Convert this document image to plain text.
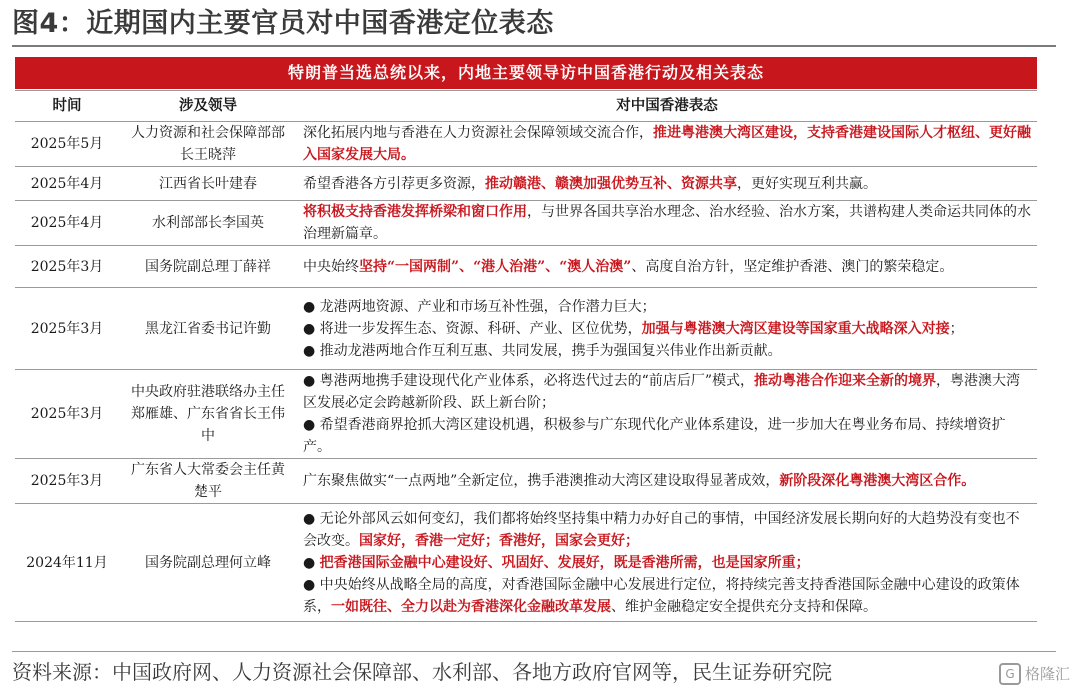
图4：近期国内主要官员对中国香港定位表态
特朗普当选总统以来，内地主要领导访中国香港行动及相关表态
时间	涉及领导	对中国香港表态
2025年5月	人力资源和社会保障部部长王晓萍	深化拓展内地与香港在人力资源社会保障领域交流合作，推进粤港澳大湾区建设，支持香港建设国际人才枢纽、更好融入国家发展大局。

2025年4月	江西省长叶建春	希望香港各方引荐更多资源，推动赣港、赣澳加强优势互补、资源共享，更好实现互利共赢。

2025年4月	水利部部长李国英	将积极支持香港发挥桥梁和窗口作用，与世界各国共享治水理念、治水经验、治水方案，共谱构建人类命运共同体的水治理新篇章。

2025年3月	国务院副总理丁薛祥	中央始终坚持“一国两制”、“港人治港”、“澳人治澳”、高度自治方针，坚定维护香港、澳门的繁荣稳定。

2025年3月	黑龙江省委书记许勤	● 龙港两地资源、产业和市场互补性强，合作潜力巨大；
● 将进一步发挥生态、资源、科研、产业、区位优势，加强与粤港澳大湾区建设等国家重大战略深入对接；
● 推动龙港两地合作互利互惠、共同发展，携手为强国复兴伟业作出新贡献。

2025年3月	中央政府驻港联络办主任郑雁雄、广东省省长王伟中	● 粤港两地携手建设现代化产业体系，必将迭代过去的“前店后厂”模式，推动粤港合作迎来全新的境界，粤港澳大湾区发展必定会跨越新阶段、跃上新台阶；
● 希望香港商界抢抓大湾区建设机遇，积极参与广东现代化产业体系建设，进一步加大在粤业务布局、持续增资扩产。

2025年3月	广东省人大常委会主任黄楚平	广东聚焦做实“一点两地”全新定位，携手港澳推动大湾区建设取得显著成效，新阶段深化粤港澳大湾区合作。

2024年11月	国务院副总理何立峰	● 无论外部风云如何变幻，我们都将始终坚持集中精力办好自己的事情，中国经济发展长期向好的大趋势没有变也不会改变。国家好，香港一定好；香港好，国家会更好；
● 把香港国际金融中心建设好、巩固好、发展好，既是香港所需，也是国家所重；
● 中央始终从战略全局的高度，对香港国际金融中心发展进行定位，将持续完善支持香港国际金融中心建设的政策体系，一如既往、全力以赴为香港深化金融改革发展、维护金融稳定安全提供充分支持和保障。
资料来源：中国政府网、人力资源社会保障部、水利部、各地方政府官网等，民生证券研究院	G 格隆汇
